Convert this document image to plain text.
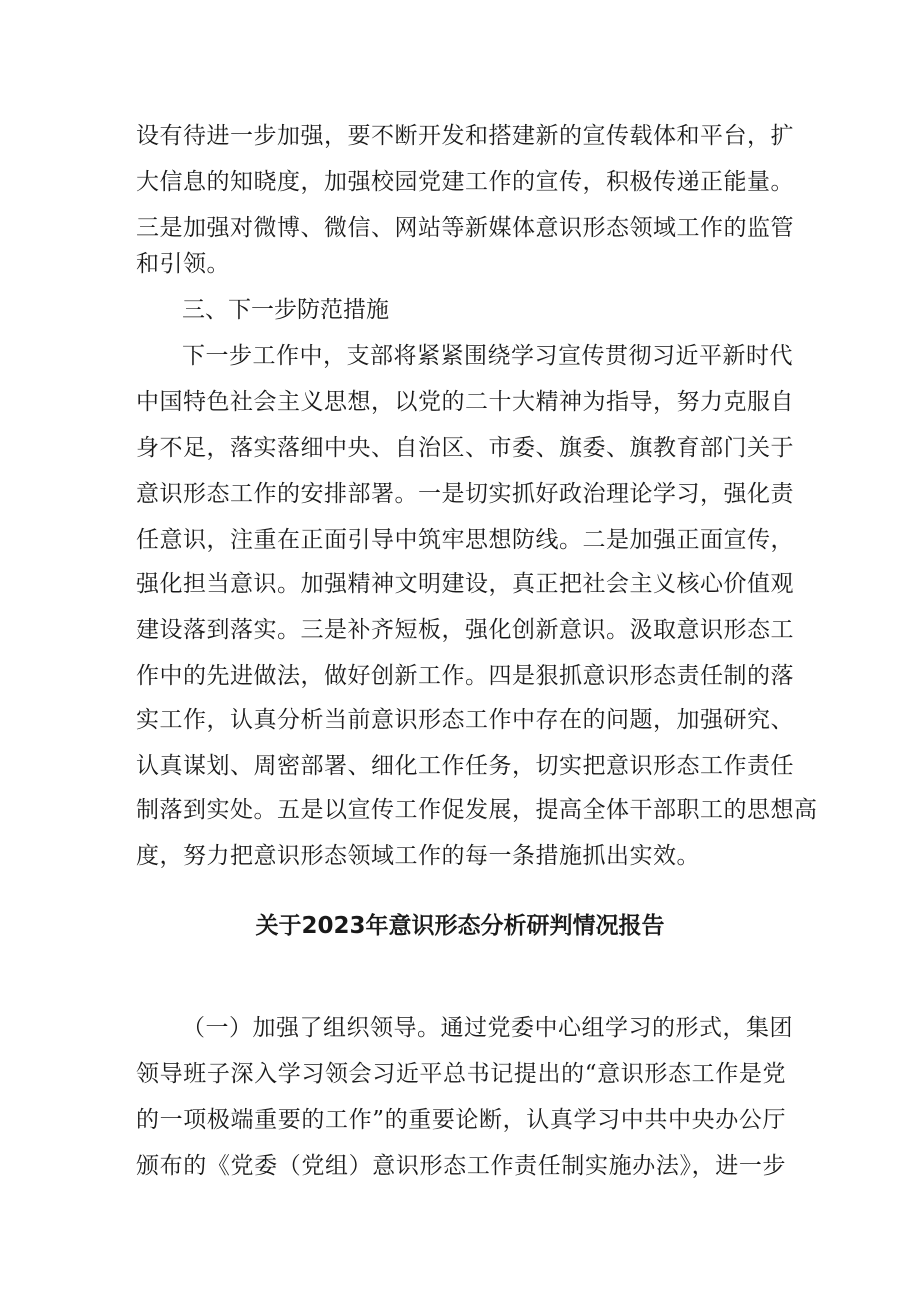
设有待进一步加强，要不断开发和搭建新的宣传载体和平台，扩
大信息的知晓度，加强校园党建工作的宣传，积极传递正能量。
三是加强对微博、微信、网站等新媒体意识形态领域工作的监管
和引领。
三、下一步防范措施
下一步工作中，支部将紧紧围绕学习宣传贯彻习近平新时代
中国特色社会主义思想，以党的二十大精神为指导，努力克服自
身不足，落实落细中央、自治区、市委、旗委、旗教育部门关于
意识形态工作的安排部署。一是切实抓好政治理论学习，强化责
任意识，注重在正面引导中筑牢思想防线。二是加强正面宣传，
强化担当意识。加强精神文明建设，真正把社会主义核心价值观
建设落到落实。三是补齐短板，强化创新意识。汲取意识形态工
作中的先进做法，做好创新工作。四是狠抓意识形态责任制的落
实工作，认真分析当前意识形态工作中存在的问题，加强研究、
认真谋划、周密部署、细化工作任务，切实把意识形态工作责任
制落到实处。五是以宣传工作促发展，提高全体干部职工的思想高
度，努力把意识形态领域工作的每一条措施抓出实效。
关于2023年意识形态分析研判情况报告
（一）加强了组织领导。通过党委中心组学习的形式，集团
领导班子深入学习领会习近平总书记提出的“意识形态工作是党
的一项极端重要的工作”的重要论断，认真学习中共中央办公厅
颁布的《党委（党组）意识形态工作责任制实施办法》，进一步
